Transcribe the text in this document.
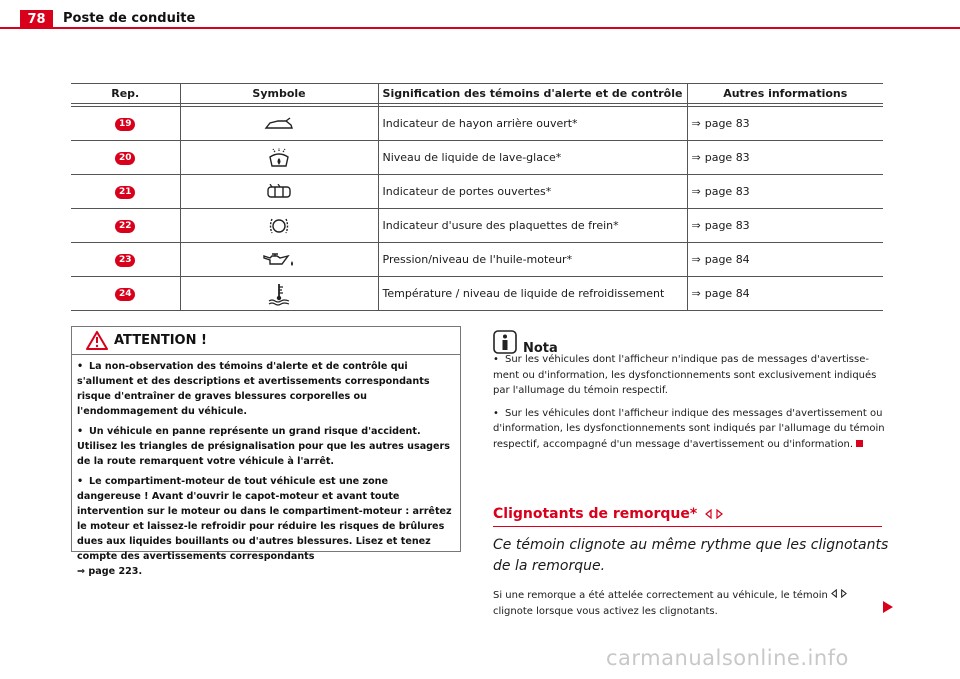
78	Poste de conduite
Rep.	Symbole	Signification des témoins d'alerte et de contrôle	Autres informations

19		Indicateur de hayon arrière ouvert*	⇒ page 83
20		Niveau de liquide de lave-glace*	⇒ page 83
21		Indicateur de portes ouvertes*	⇒ page 83
22		Indicateur d'usure des plaquettes de frein*	⇒ page 83
23		Pression/niveau de l'huile-moteur*	⇒ page 84
24		Température / niveau de liquide de refroidissement	⇒ page 84
ATTENTION !

• La non-observation des témoins d'alerte et de contrôle qui s'allument et des descriptions et avertissements correspondants risque d'entraîner de graves blessures corporelles ou l'endommagement du véhicule.

• Un véhicule en panne représente un grand risque d'accident. Utilisez les triangles de présignalisation pour que les autres usagers de la route remarquent votre véhicule à l'arrêt.

• Le compartiment-moteur de tout véhicule est une zone dangereuse ! Avant d'ouvrir le capot-moteur et avant toute intervention sur le moteur ou dans le compartiment-moteur : arrêtez le moteur et laissez-le refroidir pour réduire les risques de brûlures dues aux liquides bouillants ou d'autres blessures. Lisez et tenez compte des avertissements correspondants
⇒ page 223.

Nota

• Sur les véhicules dont l'afficheur n'indique pas de messages d'avertisse-ment ou d'information, les dysfonctionnements sont exclusivement indiqués par l'allumage du témoin respectif.

• Sur les véhicules dont l'afficheur indique des messages d'avertissement ou d'information, les dysfonctionnements sont indiqués par l'allumage du témoin respectif, accompagné d'un message d'avertissement ou d'information.

Clignotants de remorque*
Ce témoin clignote au même rythme que les clignotants de la remorque.
Si une remorque a été attelée correctement au véhicule, le témoin
clignote lorsque vous activez les clignotants.
carmanualsonline.info
